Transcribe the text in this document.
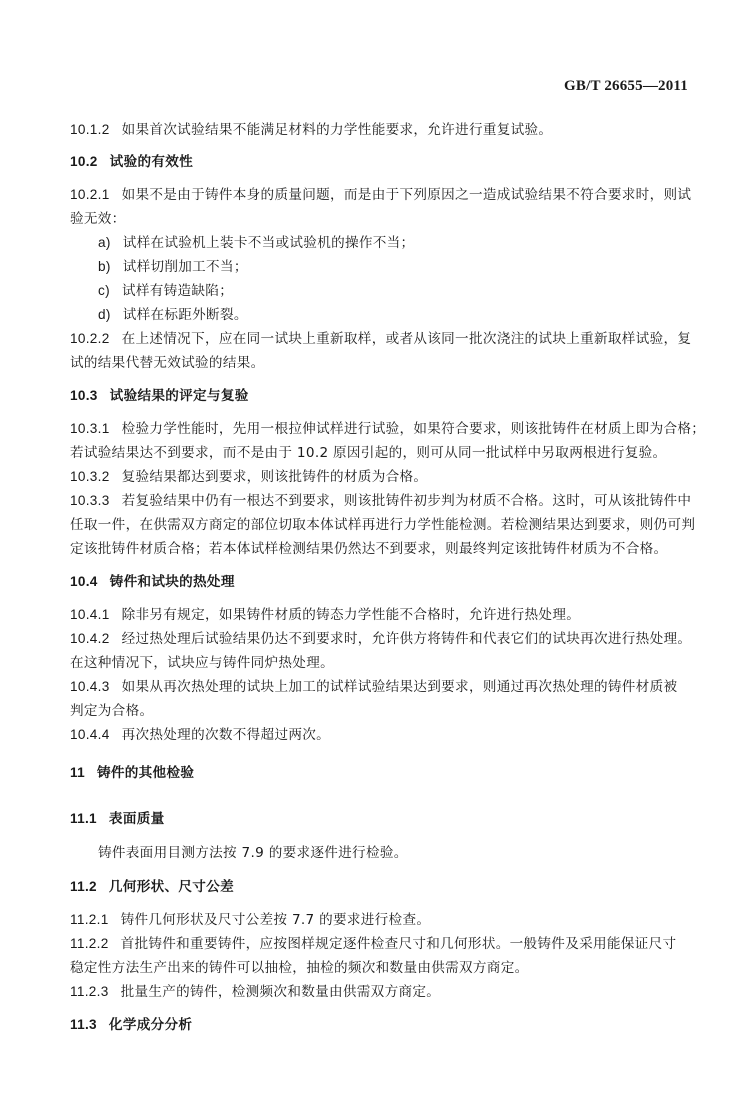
GB/T 26655—2011
10.1.2 如果首次试验结果不能满足材料的力学性能要求，允许进行重复试验。
10.2 试验的有效性
10.2.1 如果不是由于铸件本身的质量问题，而是由于下列原因之一造成试验结果不符合要求时，则试
验无效：
a) 试样在试验机上装卡不当或试验机的操作不当；
b) 试样切削加工不当；
c) 试样有铸造缺陷；
d) 试样在标距外断裂。
10.2.2 在上述情况下，应在同一试块上重新取样，或者从该同一批次浇注的试块上重新取样试验，复
试的结果代替无效试验的结果。
10.3 试验结果的评定与复验
10.3.1 检验力学性能时，先用一根拉伸试样进行试验，如果符合要求，则该批铸件在材质上即为合格；
若试验结果达不到要求，而不是由于 10.2 原因引起的，则可从同一批试样中另取两根进行复验。
10.3.2 复验结果都达到要求，则该批铸件的材质为合格。
10.3.3 若复验结果中仍有一根达不到要求，则该批铸件初步判为材质不合格。这时，可从该批铸件中
任取一件，在供需双方商定的部位切取本体试样再进行力学性能检测。若检测结果达到要求，则仍可判
定该批铸件材质合格；若本体试样检测结果仍然达不到要求，则最终判定该批铸件材质为不合格。
10.4 铸件和试块的热处理
10.4.1 除非另有规定，如果铸件材质的铸态力学性能不合格时，允许进行热处理。
10.4.2 经过热处理后试验结果仍达不到要求时，允许供方将铸件和代表它们的试块再次进行热处理。
在这种情况下，试块应与铸件同炉热处理。
10.4.3 如果从再次热处理的试块上加工的试样试验结果达到要求，则通过再次热处理的铸件材质被
判定为合格。
10.4.4 再次热处理的次数不得超过两次。
11 铸件的其他检验
11.1 表面质量
铸件表面用目测方法按 7.9 的要求逐件进行检验。
11.2 几何形状、尺寸公差
11.2.1 铸件几何形状及尺寸公差按 7.7 的要求进行检查。
11.2.2 首批铸件和重要铸件，应按图样规定逐件检查尺寸和几何形状。一般铸件及采用能保证尺寸
稳定性方法生产出来的铸件可以抽检，抽检的频次和数量由供需双方商定。
11.2.3 批量生产的铸件，检测频次和数量由供需双方商定。
11.3 化学成分分析
